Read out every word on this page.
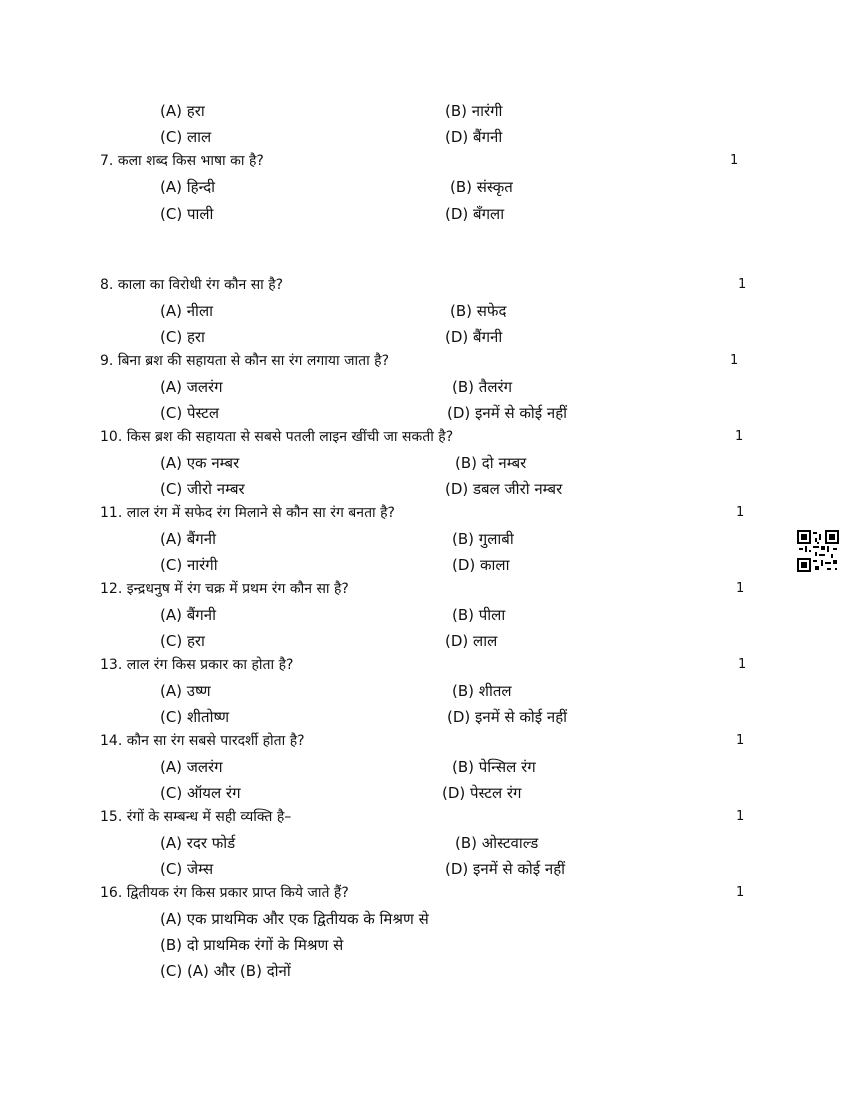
(A) हरा	(B) नारंगी
(C) लाल	(D) बैंगनी
7. कला शब्द किस भाषा का है?	1
(A) हिन्दी	(B) संस्कृत
(C) पाली	(D) बँगला
8. काला का विरोधी रंग कौन सा है?	1
(A) नीला	(B) सफेद
(C) हरा	(D) बैंगनी
9. बिना ब्रश की सहायता से कौन सा रंग लगाया जाता है?	1
(A) जलरंग	(B) तैलरंग
(C) पेस्टल	(D) इनमें से कोई नहीं
10. किस ब्रश की सहायता से सबसे पतली लाइन खींची जा सकती है?	1
(A) एक नम्बर	(B) दो नम्बर
(C) जीरो नम्बर	(D) डबल जीरो नम्बर
11. लाल रंग में सफेद रंग मिलाने से कौन सा रंग बनता है?	1
(A) बैंगनी	(B) गुलाबी
(C) नारंगी	(D) काला
12. इन्द्रधनुष में रंग चक्र में प्रथम रंग कौन सा है?	1
(A) बैंगनी	(B) पीला
(C) हरा	(D) लाल
13. लाल रंग किस प्रकार का होता है?	1
(A) उष्ण	(B) शीतल
(C) शीतोष्ण	(D) इनमें से कोई नहीं
14. कौन सा रंग सबसे पारदर्शी होता है?	1
(A) जलरंग	(B) पेन्सिल रंग
(C) ऑयल रंग	(D) पेस्टल रंग
15. रंगों के सम्बन्ध में सही व्यक्ति है–	1
(A) रदर फोर्ड	(B) ओस्टवाल्ड
(C) जेम्स	(D) इनमें से कोई नहीं
16. द्वितीयक रंग किस प्रकार प्राप्त किये जाते हैं?	1
(A) एक प्राथमिक और एक द्वितीयक के मिश्रण से
(B) दो प्राथमिक रंगों के मिश्रण से
(C) (A) और (B) दोनों
